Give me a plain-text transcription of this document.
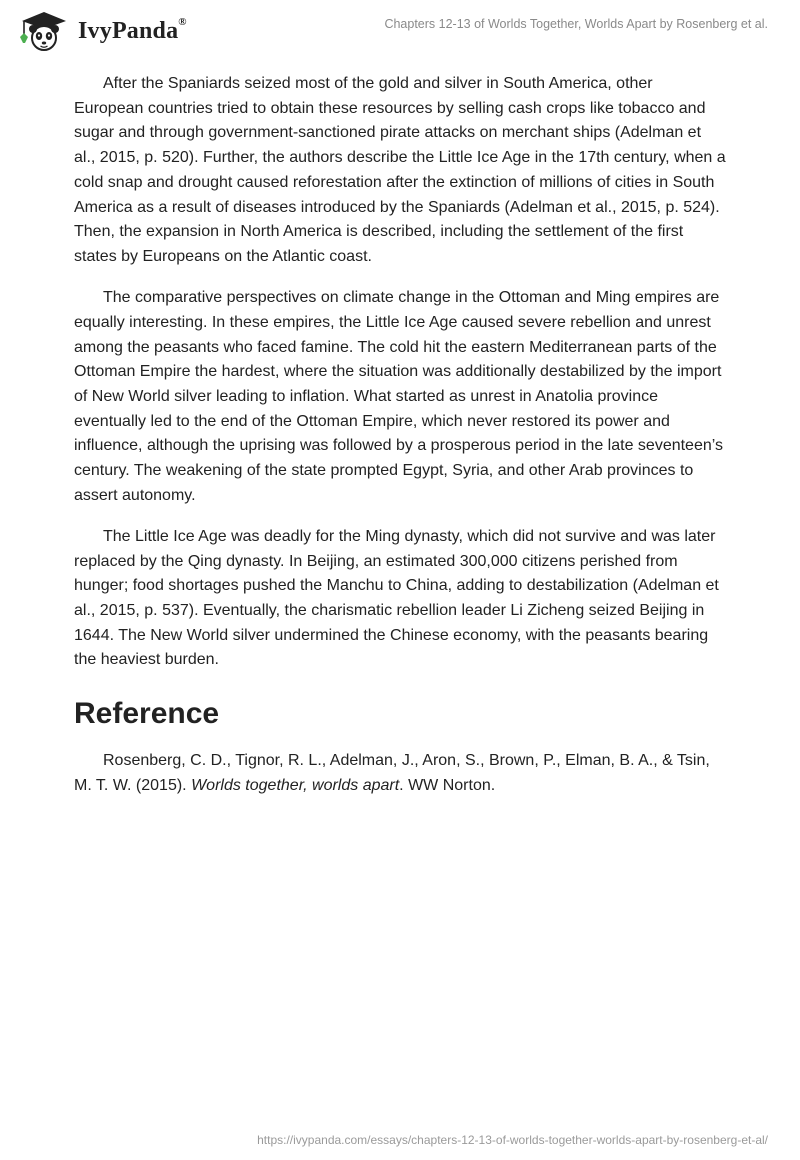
IvyPanda®	Chapters 12-13 of Worlds Together, Worlds Apart by Rosenberg et al.

After the Spaniards seized most of the gold and silver in South America, other European countries tried to obtain these resources by selling cash crops like tobacco and sugar and through government-sanctioned pirate attacks on merchant ships (Adelman et al., 2015, p. 520). Further, the authors describe the Little Ice Age in the 17th century, when a cold snap and drought caused reforestation after the extinction of millions of cities in South America as a result of diseases introduced by the Spaniards (Adelman et al., 2015, p. 524). Then, the expansion in North America is described, including the settlement of the first states by Europeans on the Atlantic coast.

The comparative perspectives on climate change in the Ottoman and Ming empires are equally interesting. In these empires, the Little Ice Age caused severe rebellion and unrest among the peasants who faced famine. The cold hit the eastern Mediterranean parts of the Ottoman Empire the hardest, where the situation was additionally destabilized by the import of New World silver leading to inflation. What started as unrest in Anatolia province eventually led to the end of the Ottoman Empire, which never restored its power and influence, although the uprising was followed by a prosperous period in the late seventeen’s century. The weakening of the state prompted Egypt, Syria, and other Arab provinces to assert autonomy.

The Little Ice Age was deadly for the Ming dynasty, which did not survive and was later replaced by the Qing dynasty. In Beijing, an estimated 300,000 citizens perished from hunger; food shortages pushed the Manchu to China, adding to destabilization (Adelman et al., 2015, p. 537). Eventually, the charismatic rebellion leader Li Zicheng seized Beijing in 1644. The New World silver undermined the Chinese economy, with the peasants bearing the heaviest burden.

Reference

Rosenberg, C. D., Tignor, R. L., Adelman, J., Aron, S., Brown, P., Elman, B. A., & Tsin, M. T. W. (2015). Worlds together, worlds apart. WW Norton.

https://ivypanda.com/essays/chapters-12-13-of-worlds-together-worlds-apart-by-rosenberg-et-al/
